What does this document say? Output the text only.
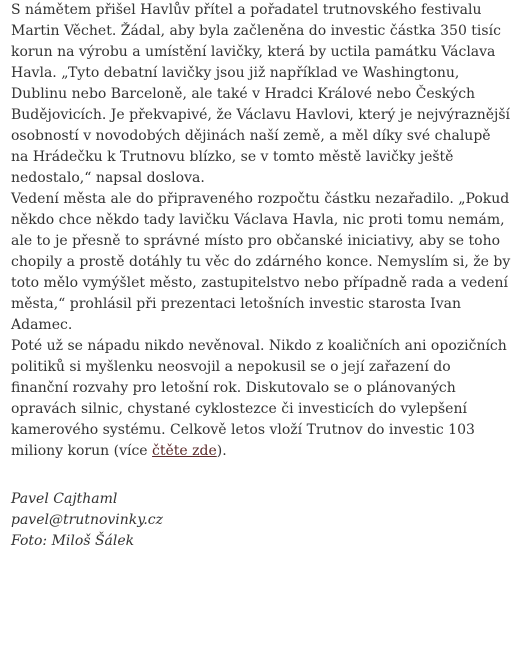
S námětem přišel Havlův přítel a pořadatel trutnovského festivalu Martin Věchet. Žádal, aby byla začleněna do investic částka 350 tisíc korun na výrobu a umístění lavičky, která by uctila památku Václava Havla. „Tyto debatní lavičky jsou již například ve Washingtonu, Dublinu nebo Barceloně, ale také v Hradci Králové nebo Českých Budějovicích. Je překvapivé, že Václavu Havlovi, který je nejvýraznější osobností v novodobých dějinách naší země, a měl díky své chalupě na Hrádečku k Trutnovu blízko, se v tomto městě lavičky ještě nedostalo,“ napsal doslova.

Vedení města ale do připraveného rozpočtu částku nezařadilo. „Pokud někdo chce někdo tady lavičku Václava Havla, nic proti tomu nemám, ale to je přesně to správné místo pro občanské iniciativy, aby se toho chopily a prostě dotáhly tu věc do zdárného konce. Nemyslím si, že by toto mělo vymýšlet město, zastupitelstvo nebo případně rada a vedení města,“ prohlásil při prezentaci letošních investic starosta Ivan Adamec.

Poté už se nápadu nikdo nevěnoval. Nikdo z koaličních ani opozičních politiků si myšlenku neosvojil a nepokusil se o její zařazení do finanční rozvahy pro letošní rok. Diskutovalo se o plánovaných opravách silnic, chystané cyklostezce či investicích do vylepšení kamerového systému. Celkově letos vloží Trutnov do investic 103 miliony korun (více čtěte zde).

Pavel Cajthaml
pavel@trutnovinky.cz
Foto: Miloš Šálek
